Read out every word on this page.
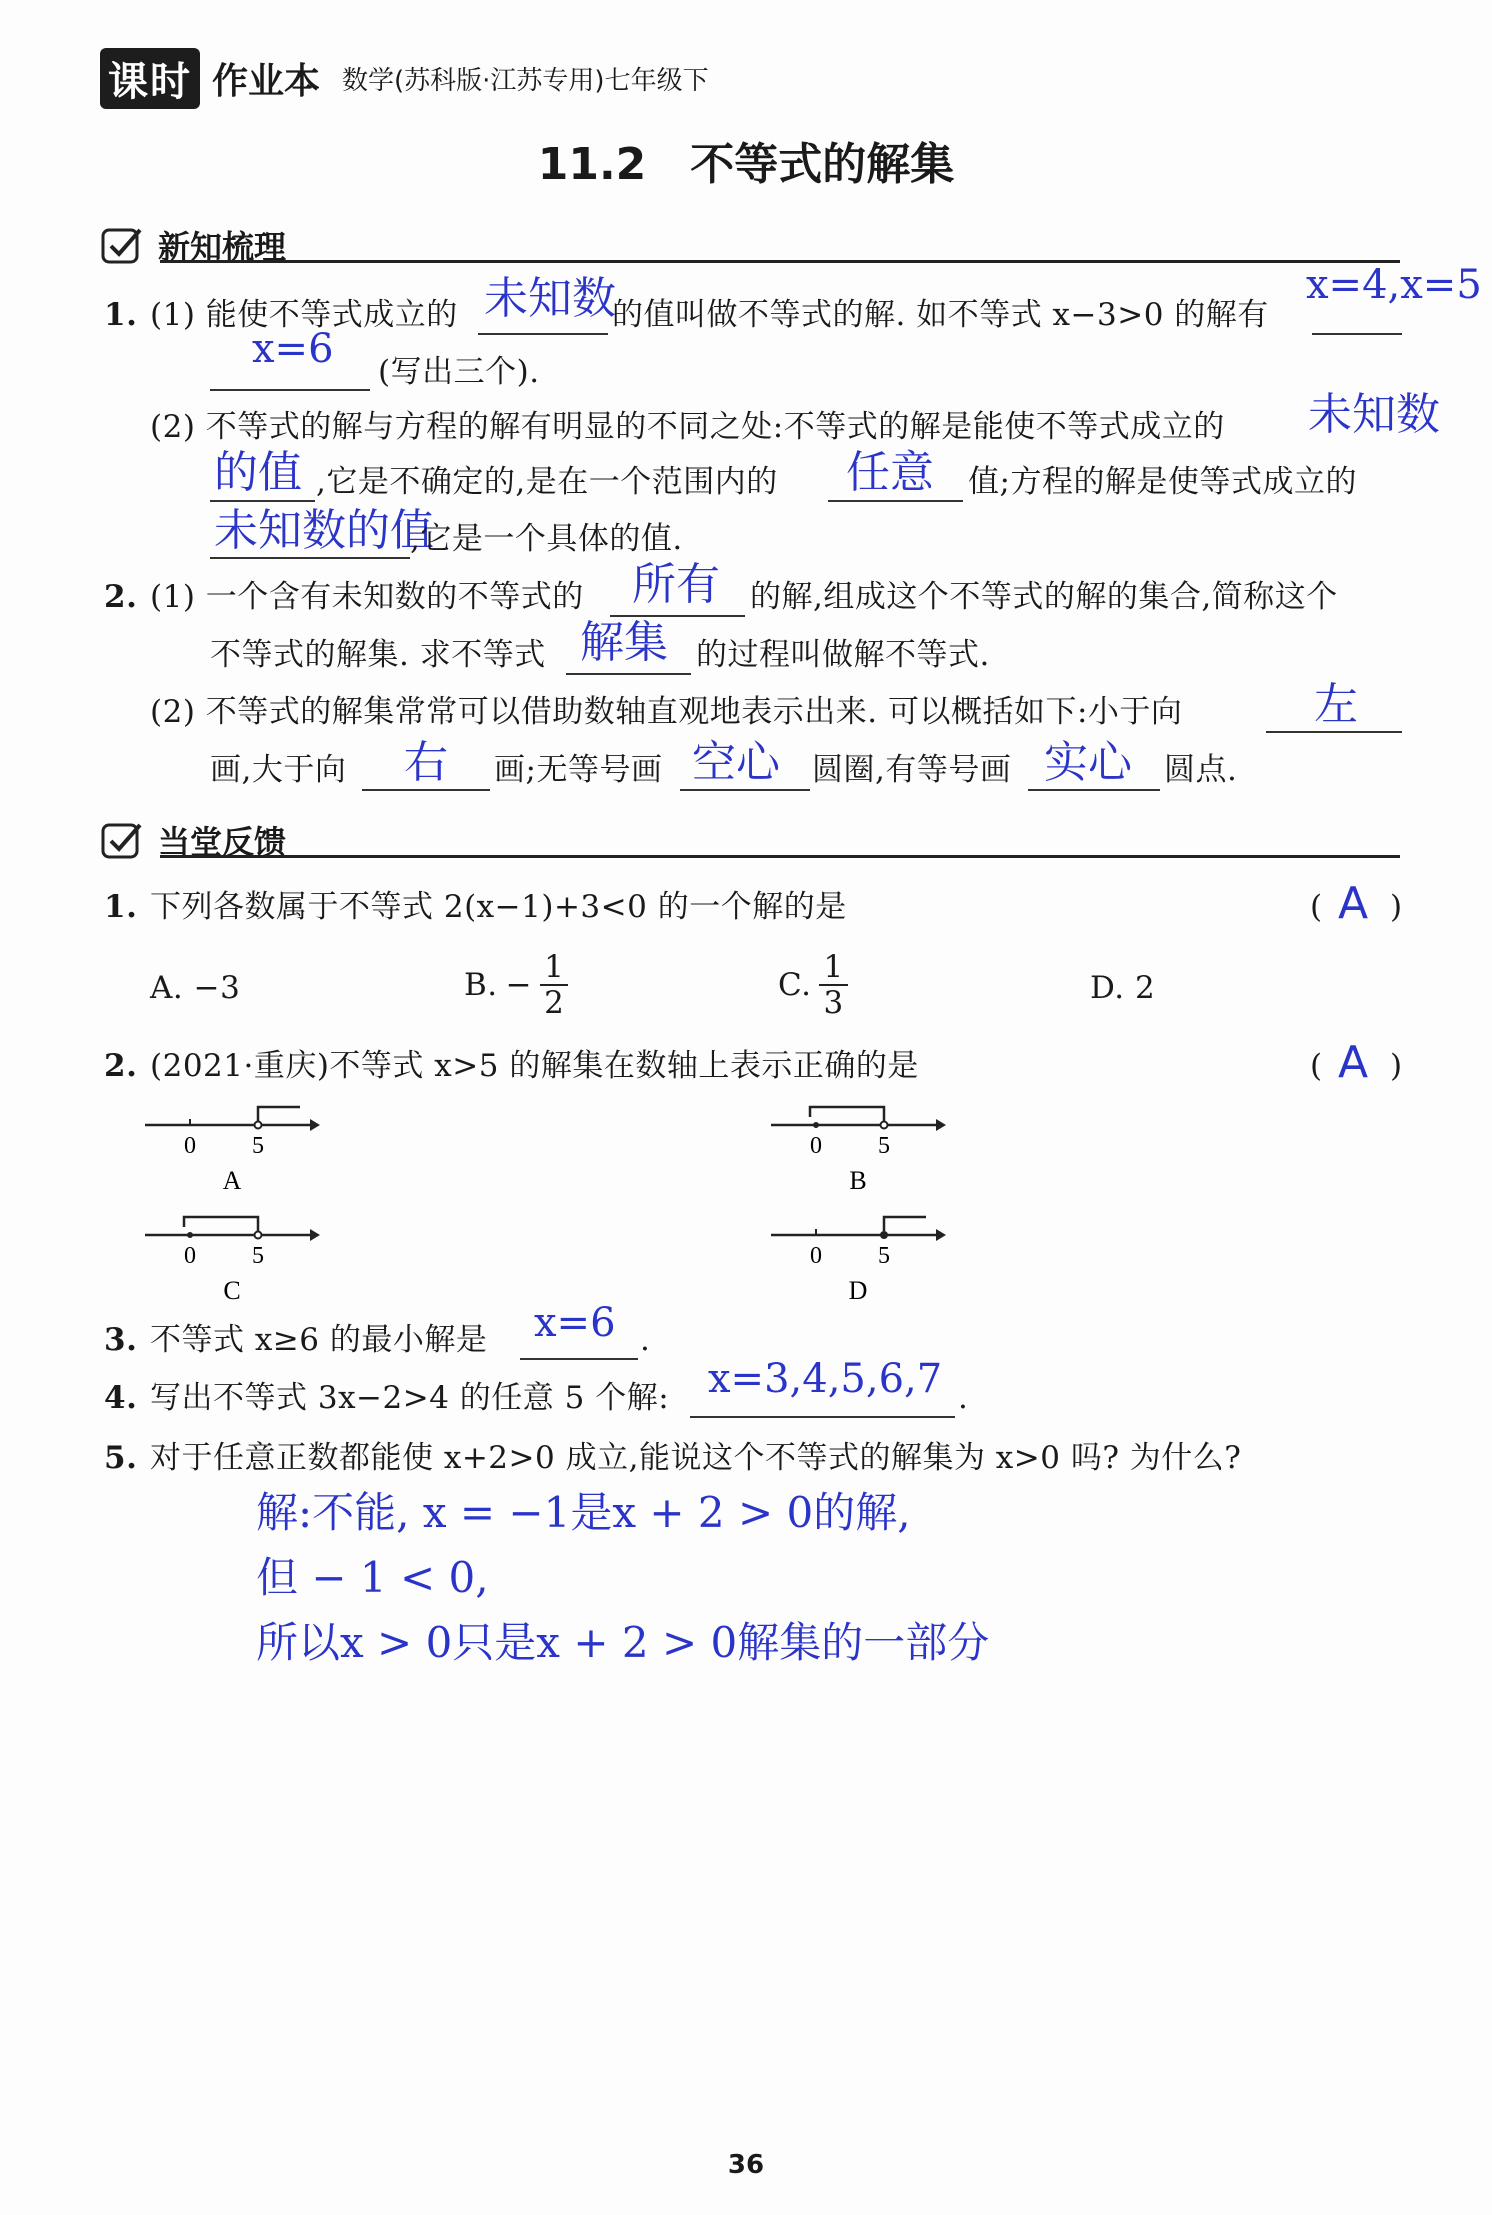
课时 作业本 数学(苏科版·江苏专用)七年级下
11.2　不等式的解集
新知梳理
1. (1) 能使不等式成立的 未知数
的值叫做不等式的解. 如不等式 x−3>0 的解有
x=4,x=5
x=6 (写出三个).
(2) 不等式的解与方程的解有明显的不同之处:不等式的解是能使不等式成立的 未知数
的值 ,它是不确定的,是在一个范围内的 任意 值;方程的解是使等式成立的
未知数的值
,它是一个具体的值.
2. (1) 一个含有未知数的不等式的 所有 的解,组成这个不等式的解的集合,简称这个
不等式的解集. 求不等式 解集 的过程叫做解不等式.
(2) 不等式的解集常常可以借助数轴直观地表示出来. 可以概括如下:小于向	左
画,大于向 右 画;无等号画 空心 圆圈,有等号画 实心 圆点.
当堂反馈
1. 下列各数属于不等式 2(x−1)+3<0 的一个解的是	( A )
A. −3	B. − $\frac{1}{2}$	C. $\frac{1}{3}$	D. 2
2. (2021·重庆)不等式 x>5 的解集在数轴上表示正确的是	( A )
0 5
A
0 5
B
0 5
C
0 5
D
3. 不等式 x≥6 的最小解是 x=6 .
4. 写出不等式 3x−2>4 的任意 5 个解: x=3,4,5,6,7 .
5. 对于任意正数都能使 x+2>0 成立,能说这个不等式的解集为 x>0 吗? 为什么?
解:不能, x = −1是x + 2 > 0的解,
但 − 1 < 0,
所以x > 0只是x + 2 > 0解集的一部分
36
